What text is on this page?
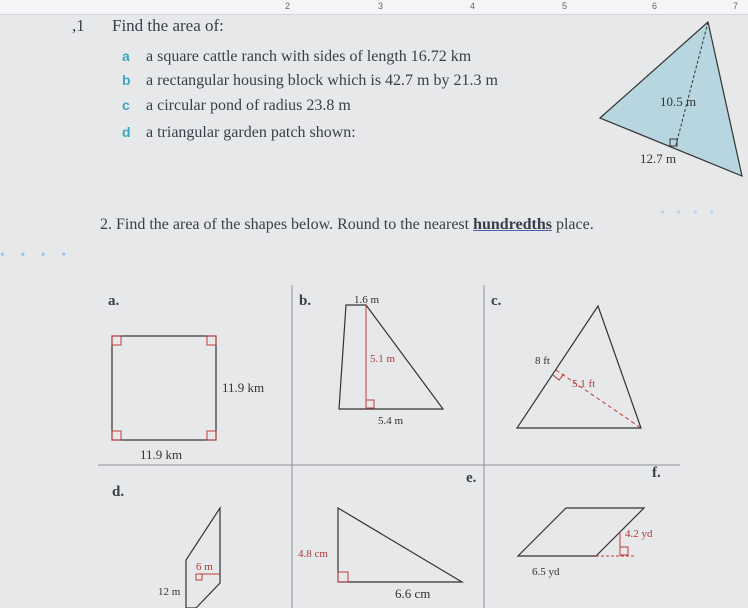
2	3	4	5	6	7
,1 Find the area of:
a a square cattle ranch with sides of length 16.72 km
b a rectangular housing block which is 42.7 m by 21.3 m
c a circular pond of radius 23.8 m
d a triangular garden patch shown:
10.5 m
12.7 m
2. Find the area of the shapes below. Round to the nearest hundredths place.
• • • •
• • • •
a.
11.9 km
11.9 km
b.	1.6 m
5.1 m
5.4 m
c.
8 ft
5.1 ft
d.
6 m
12 m
e.
4.8 cm
6.6 cm
f.
4.2 yd
6.5 yd
